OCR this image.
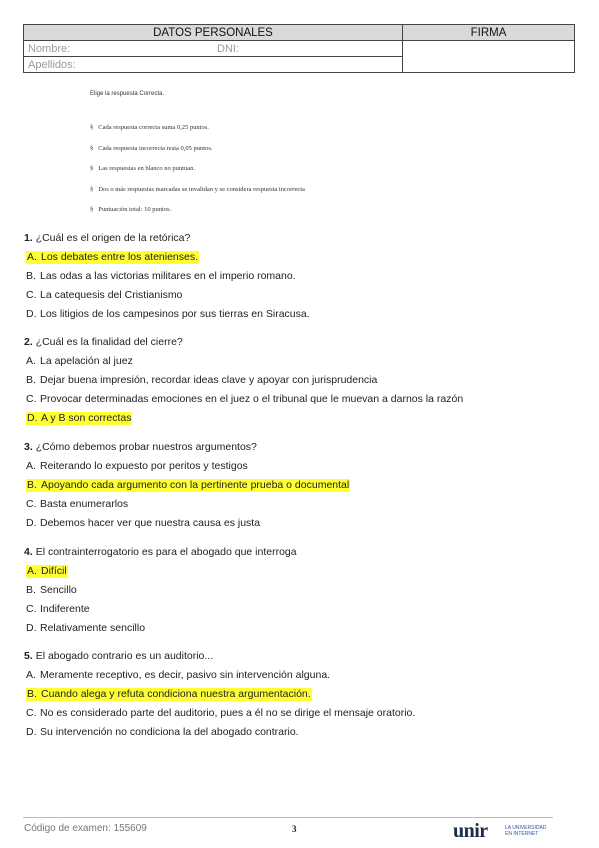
DATOS PERSONALES	FIRMA
Nombre: DNI:	

Apellidos:	
Elige la respuesta Correcta.
§ Cada respuesta correcta suma 0,25 puntos.
§ Cada respuesta incorrecta resta 0,05 puntos.
§ Las respuestas en blanco no puntuan.
§ Dos o más respuestas marcadas se invalidan y se considera respuesta incorrecta
§ Puntuación total: 10 puntos.
1. ¿Cuál es el origen de la retórica?
A. Los debates entre los atenienses.
B. Las odas a las victorias militares en el imperio romano.
C. La catequesis del Cristianismo
D. Los litigios de los campesinos por sus tierras en Siracusa.
2. ¿Cuál es la finalidad del cierre?
A. La apelación al juez
B. Dejar buena impresión, recordar ideas clave y apoyar con jurisprudencia
C. Provocar determinadas emociones en el juez o el tribunal que le muevan a darnos la razón
D. A y B son correctas
3. ¿Cómo debemos probar nuestros argumentos?
A. Reiterando lo expuesto por peritos y testigos
B. Apoyando cada argumento con la pertinente prueba o documental
C. Basta enumerarlos
D. Debemos hacer ver que nuestra causa es justa
4. El contrainterrogatorio es para el abogado que interroga
A. Difícil
B. Sencillo
C. Indiferente
D. Relativamente sencillo
5. El abogado contrario es un auditorio...
A. Meramente receptivo, es decir, pasivo sin intervención alguna.
B. Cuando alega y refuta condiciona nuestra argumentación.
C. No es considerado parte del auditorio, pues a él no se dirige el mensaje oratorio.
D. Su intervención no condiciona la del abogado contrario.
Código de examen: 155609	3	unir	LA UNIVERSIDAD
EN INTERNET
